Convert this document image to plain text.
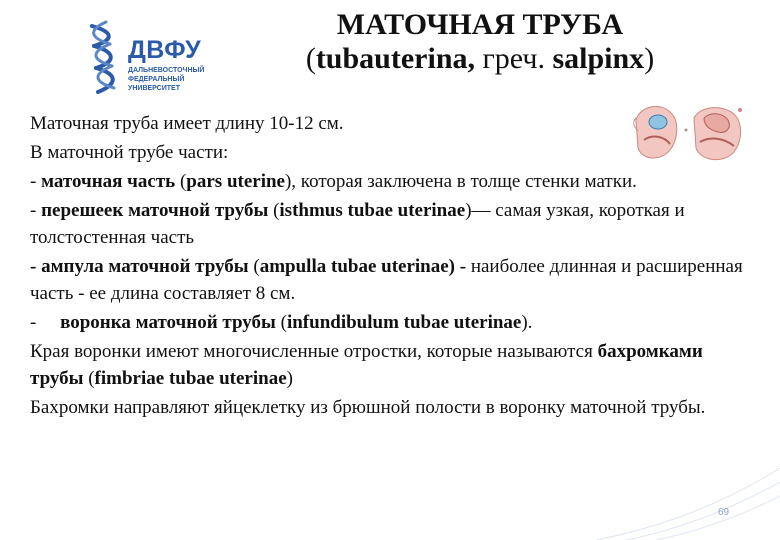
ДВФУ
ДАЛЬНЕВОСТОЧНЫЙ
ФЕДЕРАЛЬНЫЙ
УНИВЕРСИТЕТ
МАТОЧНАЯ ТРУБА
(tubauterina, греч. salpinx)

Маточная труба имеет длину 10-12 см.

В маточной трубе части:

- маточная часть (pars uterine), которая заключена в толще стенки матки.

- перешеек маточной трубы (isthmus tubae uterinae)— самая узкая, короткая и толстостенная часть

- ампула маточной трубы (ampulla tubae uterinae) - наиболее длинная и расширенная часть - ее длина составляет 8 см.

-     воронка маточной трубы (infundibulum tubae uterinae).

Края воронки имеют многочисленные отростки, которые называются бахромками трубы (fimbriae tubae uterinae)

Бахромки направляют яйцеклетку из брюшной полости в воронку маточной трубы.

69
